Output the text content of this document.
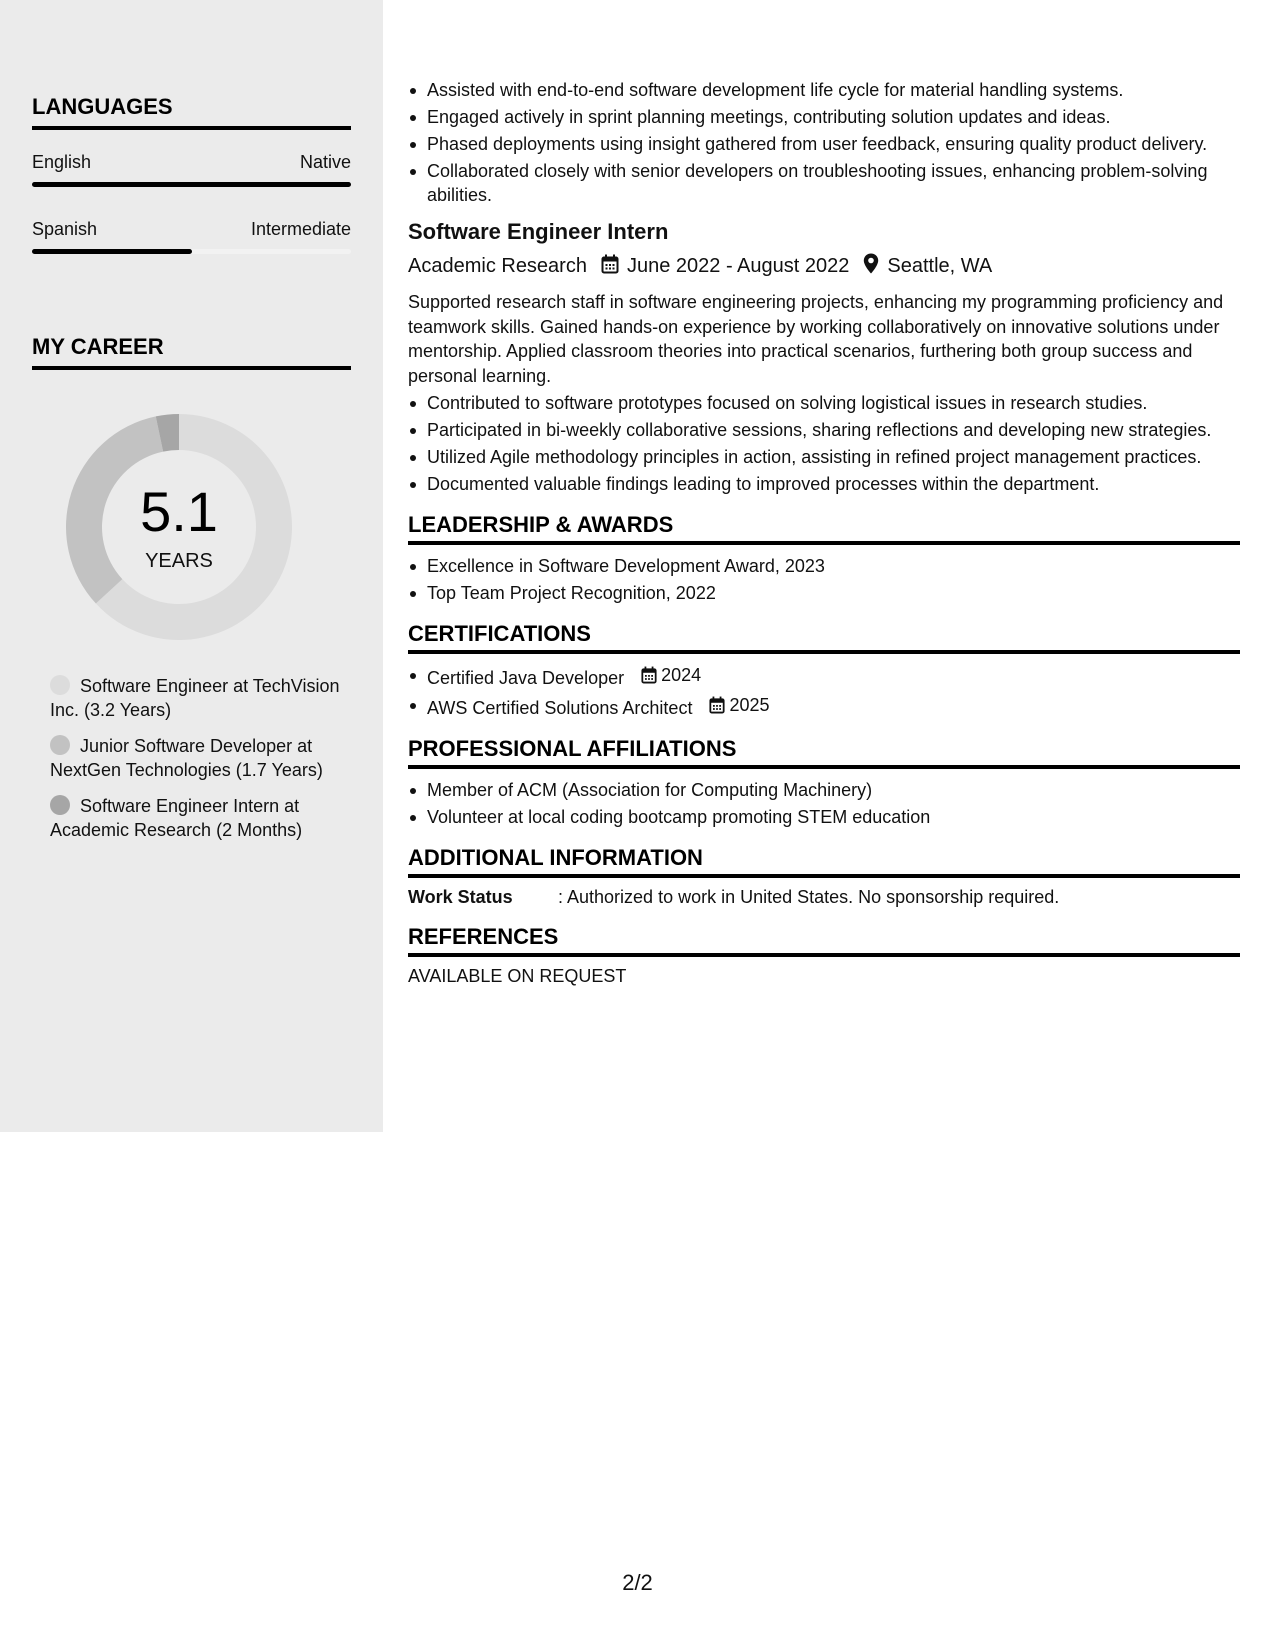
LANGUAGES
English	Native
Spanish	Intermediate
MY CAREER
5.1
YEARS
Software Engineer at TechVision Inc. (3.2 Years)
Junior Software Developer at NextGen Technologies (1.7 Years)
Software Engineer Intern at Academic Research (2 Months)
Assisted with end-to-end software development life cycle for material handling systems.
Engaged actively in sprint planning meetings, contributing solution updates and ideas.
Phased deployments using insight gathered from user feedback, ensuring quality product delivery.
Collaborated closely with senior developers on troubleshooting issues, enhancing problem-solving abilities.
Software Engineer Intern
Academic Research June 2022 - August 2022 Seattle, WA
Supported research staff in software engineering projects, enhancing my programming proficiency and teamwork skills. Gained hands-on experience by working collaboratively on innovative solutions under mentorship. Applied classroom theories into practical scenarios, furthering both group success and personal learning.
Contributed to software prototypes focused on solving logistical issues in research studies.
Participated in bi-weekly collaborative sessions, sharing reflections and developing new strategies.
Utilized Agile methodology principles in action, assisting in refined project management practices.
Documented valuable findings leading to improved processes within the department.
LEADERSHIP & AWARDS
Excellence in Software Development Award, 2023
Top Team Project Recognition, 2022
CERTIFICATIONS
Certified Java Developer 2024
AWS Certified Solutions Architect 2025
PROFESSIONAL AFFILIATIONS
Member of ACM (Association for Computing Machinery)
Volunteer at local coding bootcamp promoting STEM education
ADDITIONAL INFORMATION
Work Status	: Authorized to work in United States. No sponsorship required.
REFERENCES
AVAILABLE ON REQUEST
2/2
